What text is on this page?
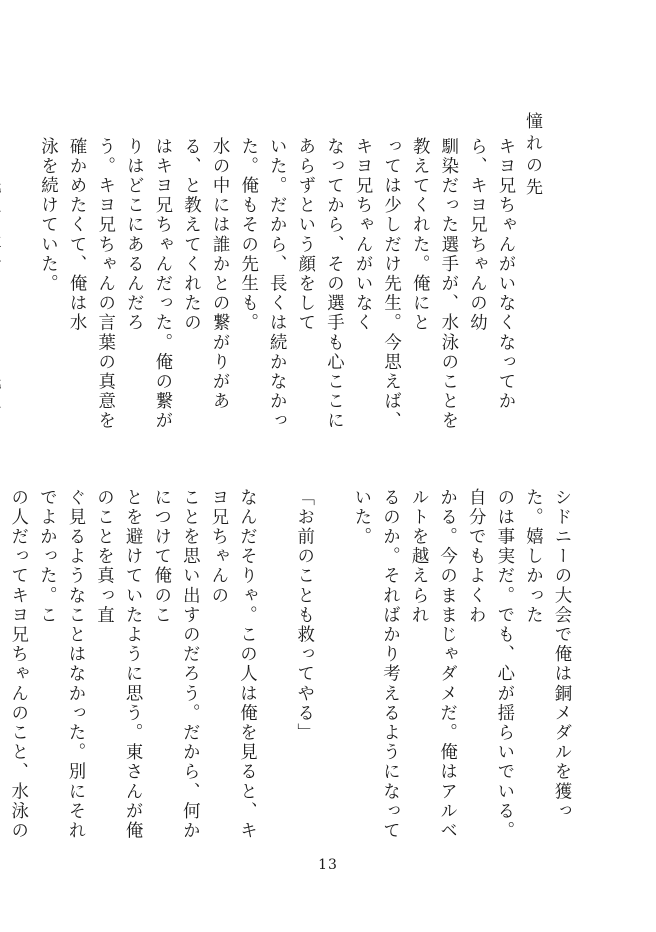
憧れの先

キヨ兄ちゃんがいなくなってから、キヨ兄ちゃんの幼

馴染だった選手が、水泳のことを教えてくれた。俺にと

っては少しだけ先生。今思えば、キヨ兄ちゃんがいなく

なってから、その選手も心ここにあらずという顔をして

いた。だから、長くは続かなかった。俺もその先生も。

水の中には誰かとの繋がりがある、と教えてくれたの

はキヨ兄ちゃんだった。俺の繋がりはどこにあるんだろ

う。キヨ兄ちゃんの言葉の真意を確かめたくて、俺は水

泳を続けていた。

シドニーの大会で俺は銅メダルを獲った。嬉しかった

のは事実だ。でも、心が揺らいでいる。自分でもよくわ

かる。今のままじゃダメだ。俺はアルベルトを越えられ

るのか。そればかり考えるようになっていた。

「お前のことも救ってやる」

なんだそりゃ。この人は俺を見ると、キヨ兄ちゃんの

ことを思い出すのだろう。だから、何かにつけて俺のこ

とを避けていたように思う。東さんが俺のことを真っ直

ぐ見るようなことはなかった。別にそれでよかった。こ

の人だってキヨ兄ちゃんのこと、水泳の

13
